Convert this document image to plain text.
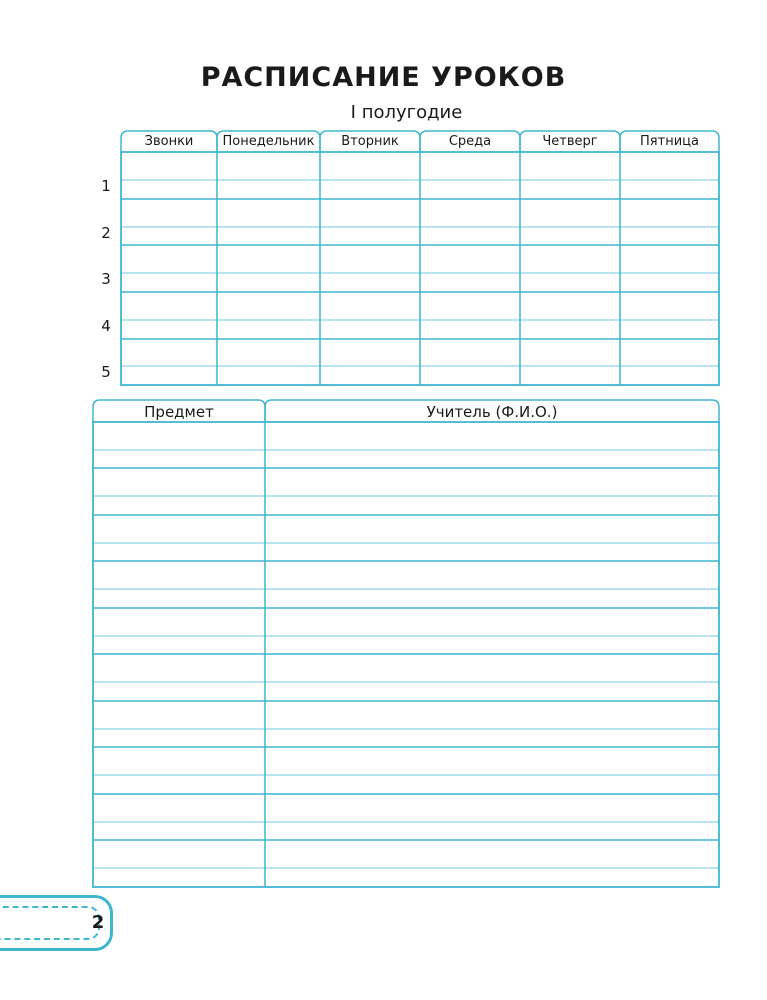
РАСПИСАНИЕ УРОКОВ
I полугодие
Звонки	Понедельник	Вторник	Среда	Четверг	Пятница
1
2
3
4
5
Предмет	Учитель (Ф.И.О.)
2
